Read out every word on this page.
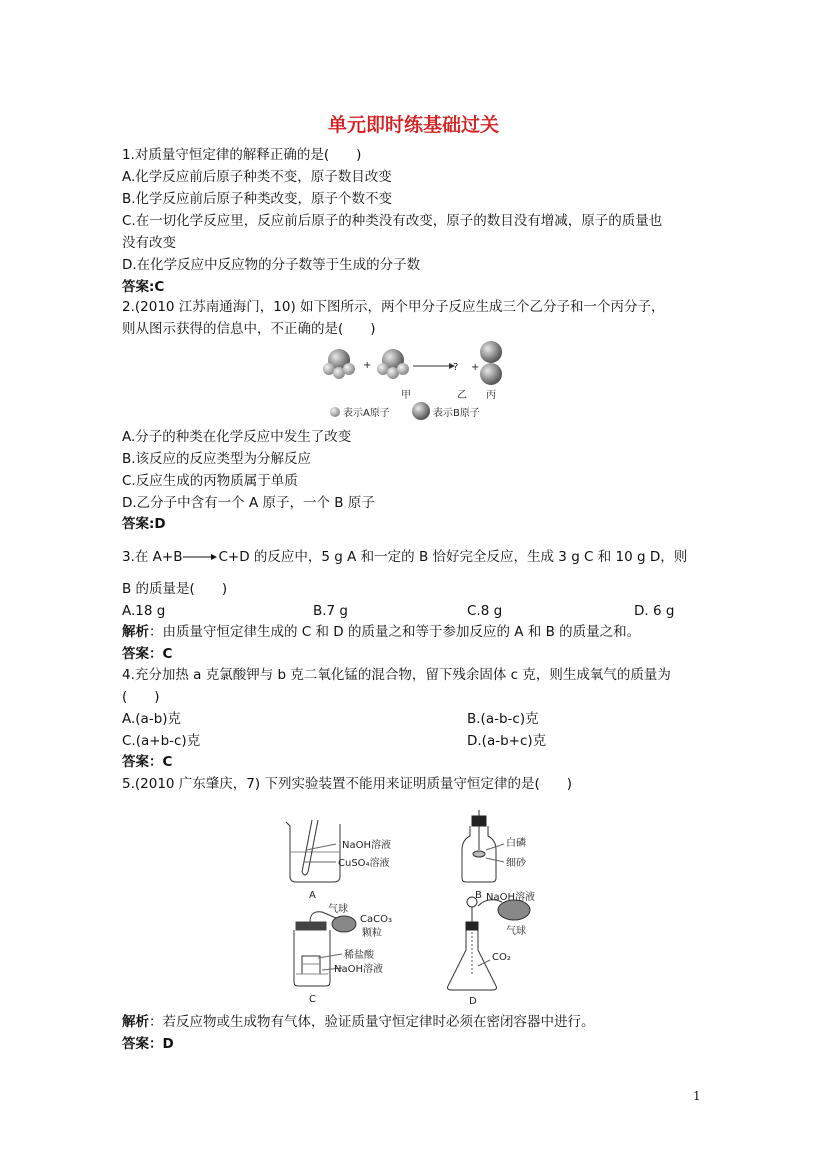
单元即时练基础过关
1.对质量守恒定律的解释正确的是(　　)
A.化学反应前后原子种类不变，原子数目改变
B.化学反应前后原子种类改变，原子个数不变
C.在一切化学反应里，反应前后原子的种类没有改变，原子的数目没有增减，原子的质量也
没有改变
D.在化学反应中反应物的分子数等于生成的分子数
答案:C
2.(2010 江苏南通海门，10) 如下图所示，两个甲分子反应生成三个乙分子和一个丙分子，
则从图示获得的信息中，不正确的是(　　)
+	? +
甲	乙 丙
表示A原子	表示B原子
A.分子的种类在化学反应中发生了改变
B.该反应的反应类型为分解反应
C.反应生成的丙物质属于单质
D.乙分子中含有一个 A 原子，一个 B 原子
答案:D
3.在 A+B→C+D 的反应中，5 g A 和一定的 B 恰好完全反应，生成 3 g C 和 10 g D，则
B 的质量是(　　)
A.18 g	B.7 g	C.8 g	D. 6 g
解析：由质量守恒定律生成的 C 和 D 的质量之和等于参加反应的 A 和 B 的质量之和。
答案：C
4.充分加热 a 克氯酸钾与 b 克二氧化锰的混合物，留下残余固体 c 克，则生成氧气的质量为
(　　)
A.(a-b)克	B.(a-b-c)克
C.(a+b-c)克	D.(a-b+c)克
答案：C
5.(2010 广东肇庆，7) 下列实验装置不能用来证明质量守恒定律的是(　　)
NaOH溶液
CuSO₄溶液
A
白磷
细砂
B
气球
CaCO₃
颗粒
稀盐酸
NaOH溶液
C
NaOH溶液
气球
CO₂
D
解析：若反应物或生成物有气体，验证质量守恒定律时必须在密闭容器中进行。
答案：D
1
